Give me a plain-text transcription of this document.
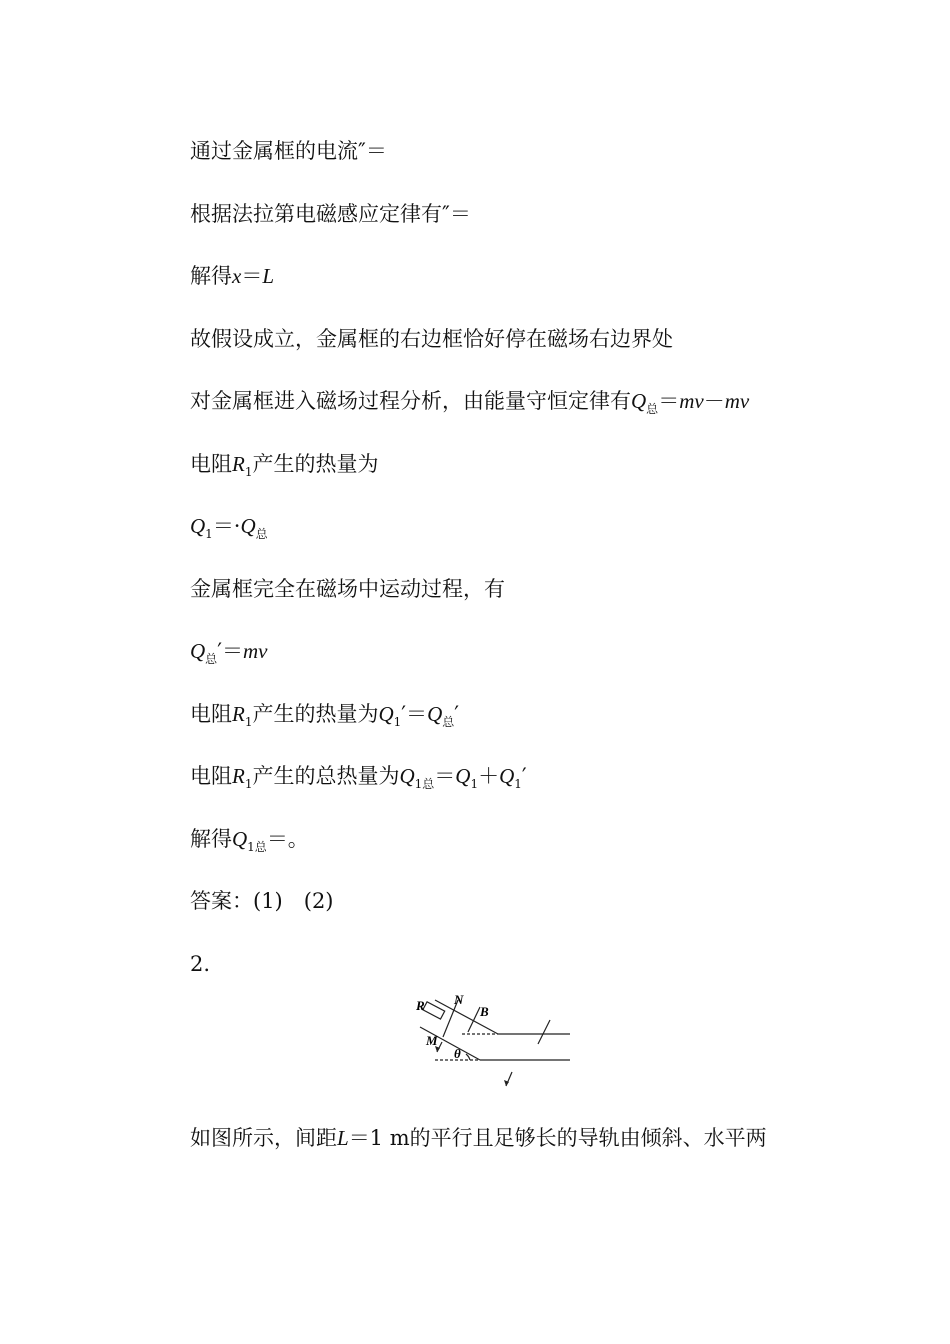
通过金属框的电流″＝
根据法拉第电磁感应定律有″＝
解得x＝L
故假设成立，金属框的右边框恰好停在磁场右边界处
对金属框进入磁场过程分析，由能量守恒定律有$Q_总=mv-mv$
电阻$R_1$产生的热量为
$Q_1=\cdot Q_总$
金属框完全在磁场中运动过程，有
$Q_总'=mv$
电阻$R_1$产生的热量为$Q_1'=Q_总'$
电阻$R_1$产生的总热量为$Q_{1总}=Q_1+Q_1'$
解得$Q_{1总}=$。
答案：(1)　(2)
2.
R N
B
M
θ
如图所示，间距L＝1 m的平行且足够长的导轨由倾斜、水平两
